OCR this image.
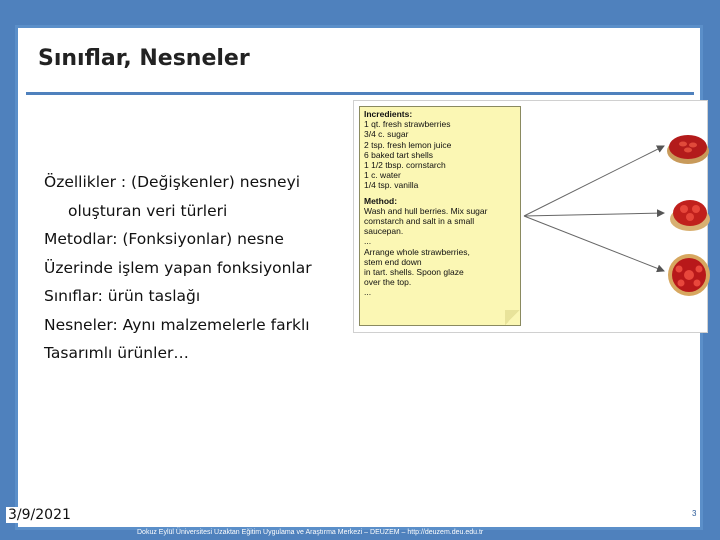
Sınıflar, Nesneler
Özellikler : (Değişkenler) nesneyi
oluşturan veri türleri
Metodlar: (Fonksiyonlar) nesne
Üzerinde işlem yapan fonksiyonlar
Sınıflar: ürün taslağı
Nesneler: Aynı malzemelerle farklı
Tasarımlı ürünler…
Incredients:
1 qt. fresh strawberries
3/4 c. sugar
2 tsp. fresh lemon juice
6 baked tart shells
1 1/2 tbsp. cornstarch
1 c. water
1/4 tsp. vanilla
Method:
Wash and hull berries. Mix sugar
cornstarch and salt in a small
saucepan.
...
Arrange whole strawberries,
stem end down
in tart. shells. Spoon glaze
over the top.
...
3/9/2021	3
Dokuz Eylül Üniversitesi Uzaktan Eğitim Uygulama ve Araştırma Merkezi – DEUZEM – http://deuzem.deu.edu.tr
